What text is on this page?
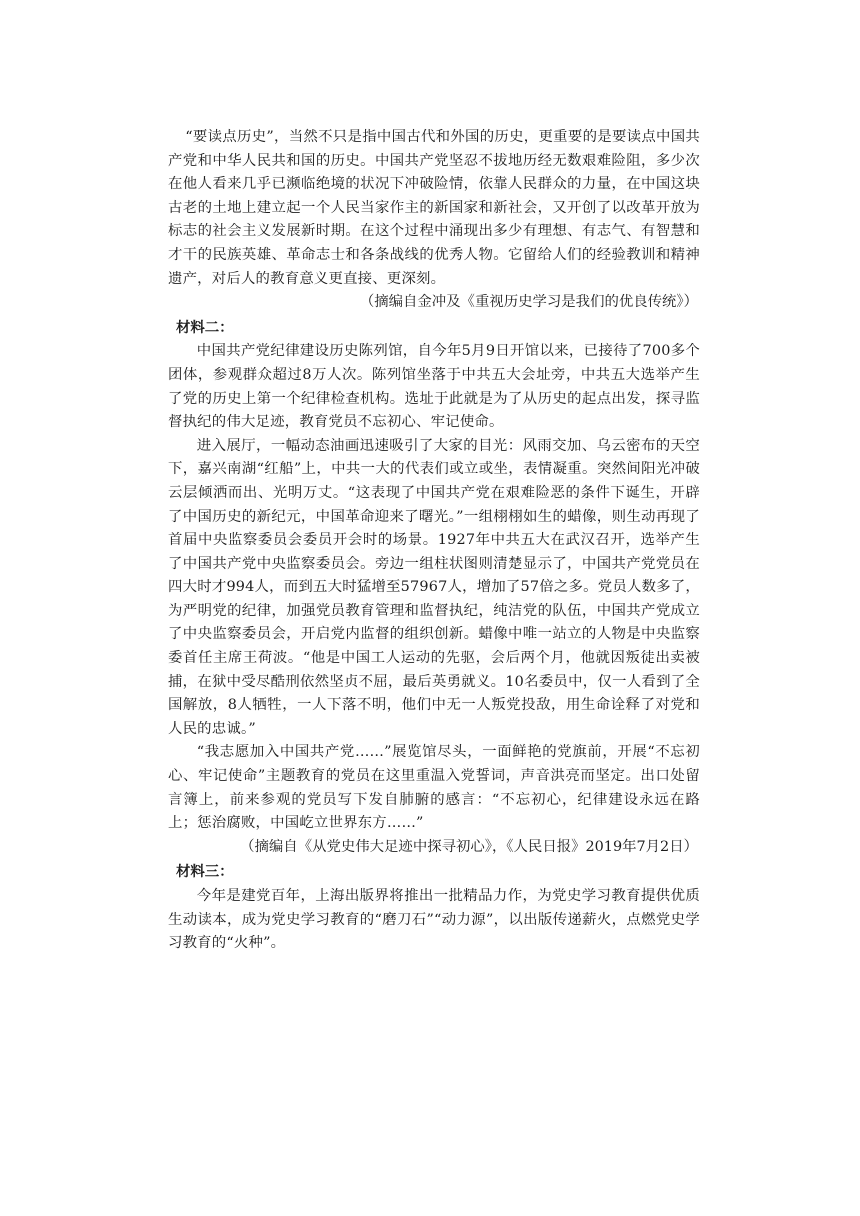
“要读点历史”，当然不只是指中国古代和外国的历史，更重要的是要读点中国共产党和中华人民共和国的历史。中国共产党坚忍不拔地历经无数艰难险阻，多少次在他人看来几乎已濒临绝境的状况下冲破险情，依靠人民群众的力量，在中国这块古老的土地上建立起一个人民当家作主的新国家和新社会，又开创了以改革开放为标志的社会主义发展新时期。在这个过程中涌现出多少有理想、有志气、有智慧和才干的民族英雄、革命志士和各条战线的优秀人物。它留给人们的经验教训和精神遗产，对后人的教育意义更直接、更深刻。

（摘编自金冲及《重视历史学习是我们的优良传统》）

材料二：

中国共产党纪律建设历史陈列馆，自今年5月9日开馆以来，已接待了700多个团体，参观群众超过8万人次。陈列馆坐落于中共五大会址旁，中共五大选举产生了党的历史上第一个纪律检查机构。选址于此就是为了从历史的起点出发，探寻监督执纪的伟大足迹，教育党员不忘初心、牢记使命。

进入展厅，一幅动态油画迅速吸引了大家的目光：风雨交加、乌云密布的天空下，嘉兴南湖“红船”上，中共一大的代表们或立或坐，表情凝重。突然间阳光冲破云层倾洒而出、光明万丈。“这表现了中国共产党在艰难险恶的条件下诞生，开辟了中国历史的新纪元，中国革命迎来了曙光。”一组栩栩如生的蜡像，则生动再现了首届中央监察委员会委员开会时的场景。1927年中共五大在武汉召开，选举产生了中国共产党中央监察委员会。旁边一组柱状图则清楚显示了，中国共产党党员在四大时才994人，而到五大时猛增至57967人，增加了57倍之多。党员人数多了，为严明党的纪律，加强党员教育管理和监督执纪，纯洁党的队伍，中国共产党成立了中央监察委员会，开启党内监督的组织创新。蜡像中唯一站立的人物是中央监察委首任主席王荷波。“他是中国工人运动的先驱，会后两个月，他就因叛徒出卖被捕，在狱中受尽酷刑依然坚贞不屈，最后英勇就义。10名委员中，仅一人看到了全国解放，8人牺牲，一人下落不明，他们中无一人叛党投敌，用生命诠释了对党和人民的忠诚。”

“我志愿加入中国共产党……”展览馆尽头，一面鲜艳的党旗前，开展“不忘初心、牢记使命”主题教育的党员在这里重温入党誓词，声音洪亮而坚定。出口处留言簿上，前来参观的党员写下发自肺腑的感言：“不忘初心，纪律建设永远在路上；惩治腐败，中国屹立世界东方……”

（摘编自《从党史伟大足迹中探寻初心》，《人民日报》2019年7月2日）

材料三：

今年是建党百年，上海出版界将推出一批精品力作，为党史学习教育提供优质生动读本，成为党史学习教育的“磨刀石”“动力源”，以出版传递薪火，点燃党史学习教育的“火种”。
